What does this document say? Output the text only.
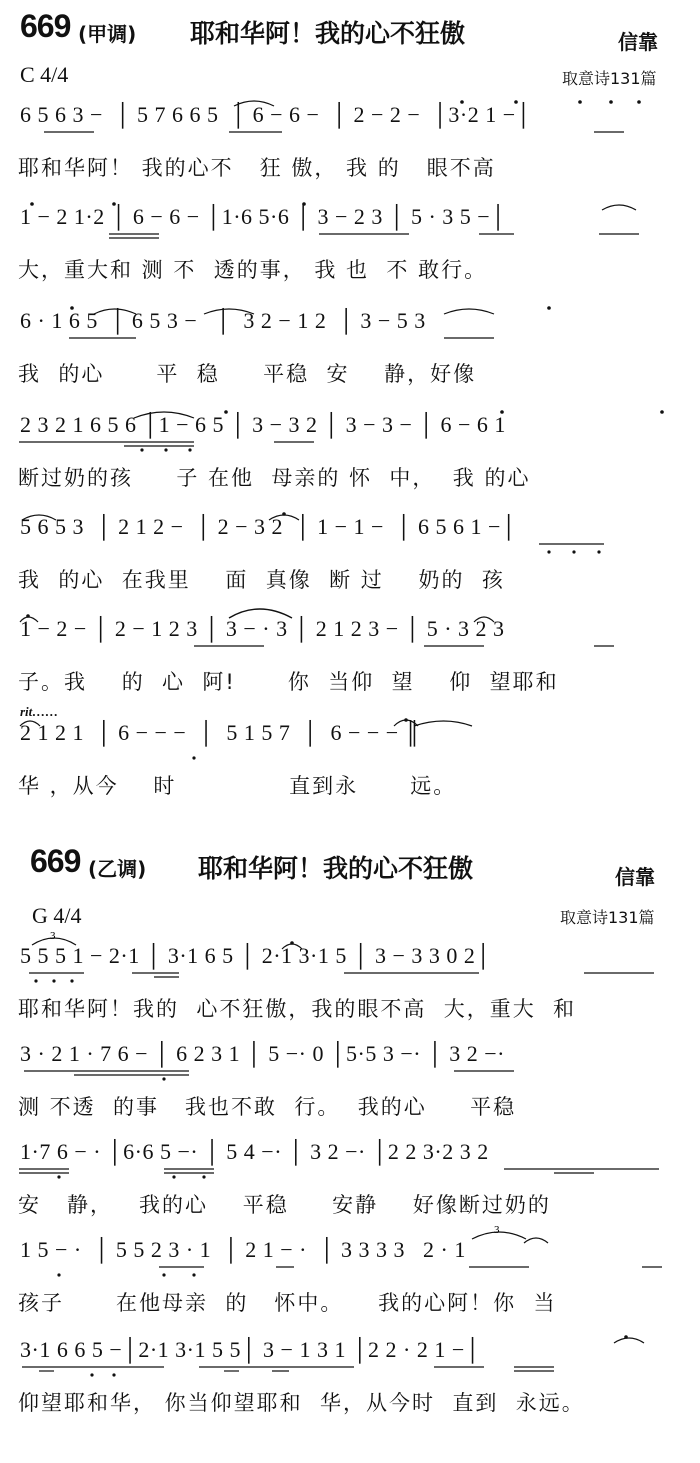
669 (甲调) 耶和华阿！我的心不狂傲	信靠
C 4/4	取意诗131篇
6 5 6 3 −  │ 5 7 6 6 5  │ 6 − 6 −  │ 2 − 2 −  │3·2 1 −│
耶和华阿！ 我的心不   狂 傲， 我 的   眼不高
1 − 2 1·2 │ 6 − 6 − │1·6 5·6 │ 3 − 2 3 │ 5 · 3 5 −│
大，重大和 测 不  透的事， 我 也  不 敢行。
6 · 1 6 5  │ 6 5 3 −   │  3 2 − 1 2  │ 3 − 5 3
我  的心      平  稳     平稳  安    静，好像
2 3 2 1 6 5 6 │1 − 6 5 │ 3 − 3 2 │ 3 − 3 − │ 6 − 6 1
断过奶的孩     子 在他  母亲的 怀  中，  我 的心
5 6 5 3  │ 2 1 2 −  │ 2 − 3 2  │ 1 − 1 −  │ 6 5 6 1 −│
我  的心  在我里    面  真像  断 过    奶的  孩
1 − 2 − │ 2 − 1 2 3 │ 3 − · 3 │ 2 1 2 3 − │ 5 · 3 2 3
子。我    的  心  阿!      你  当仰  望    仰  望耶和
rit……
2 1 2 1  │ 6 − − −  │  5 1 5 7  │  6 − − − ║
华 ，从今    时             直到永      远。
669 (乙调) 耶和华阿！我的心不狂傲	信靠
G 4/4	取意诗131篇
3
5 5 5 1 − 2·1 │ 3·1 6 5 │ 2·1 3·1 5 │ 3 − 3 3 0 2│
耶和华阿！我的  心不狂傲，我的眼不高  大，重大  和
3 · 2 1 · 7 6 − │ 6 2 3 1 │ 5 −· 0 │5·5 3 −· │ 3 2 −·
测 不透  的事   我也不敢  行。  我的心     平稳
1·7 6 − · │6·6 5 −· │ 5 4 −· │ 3 2 −· │2 2 3·2 3 2
安   静，   我的心    平稳     安静    好像断过奶的
3
1 5 − ·  │ 5 5 2 3 · 1  │ 2 1 − ·  │ 3 3 3 3   2 · 1
孩子      在他母亲  的   怀中。    我的心阿！你  当
3·1 6 6 5 −│2·1 3·1 5 5│ 3 − 1 3 1 │2 2 · 2 1 −│
仰望耶和华， 你当仰望耶和  华，从今时  直到  永远。
